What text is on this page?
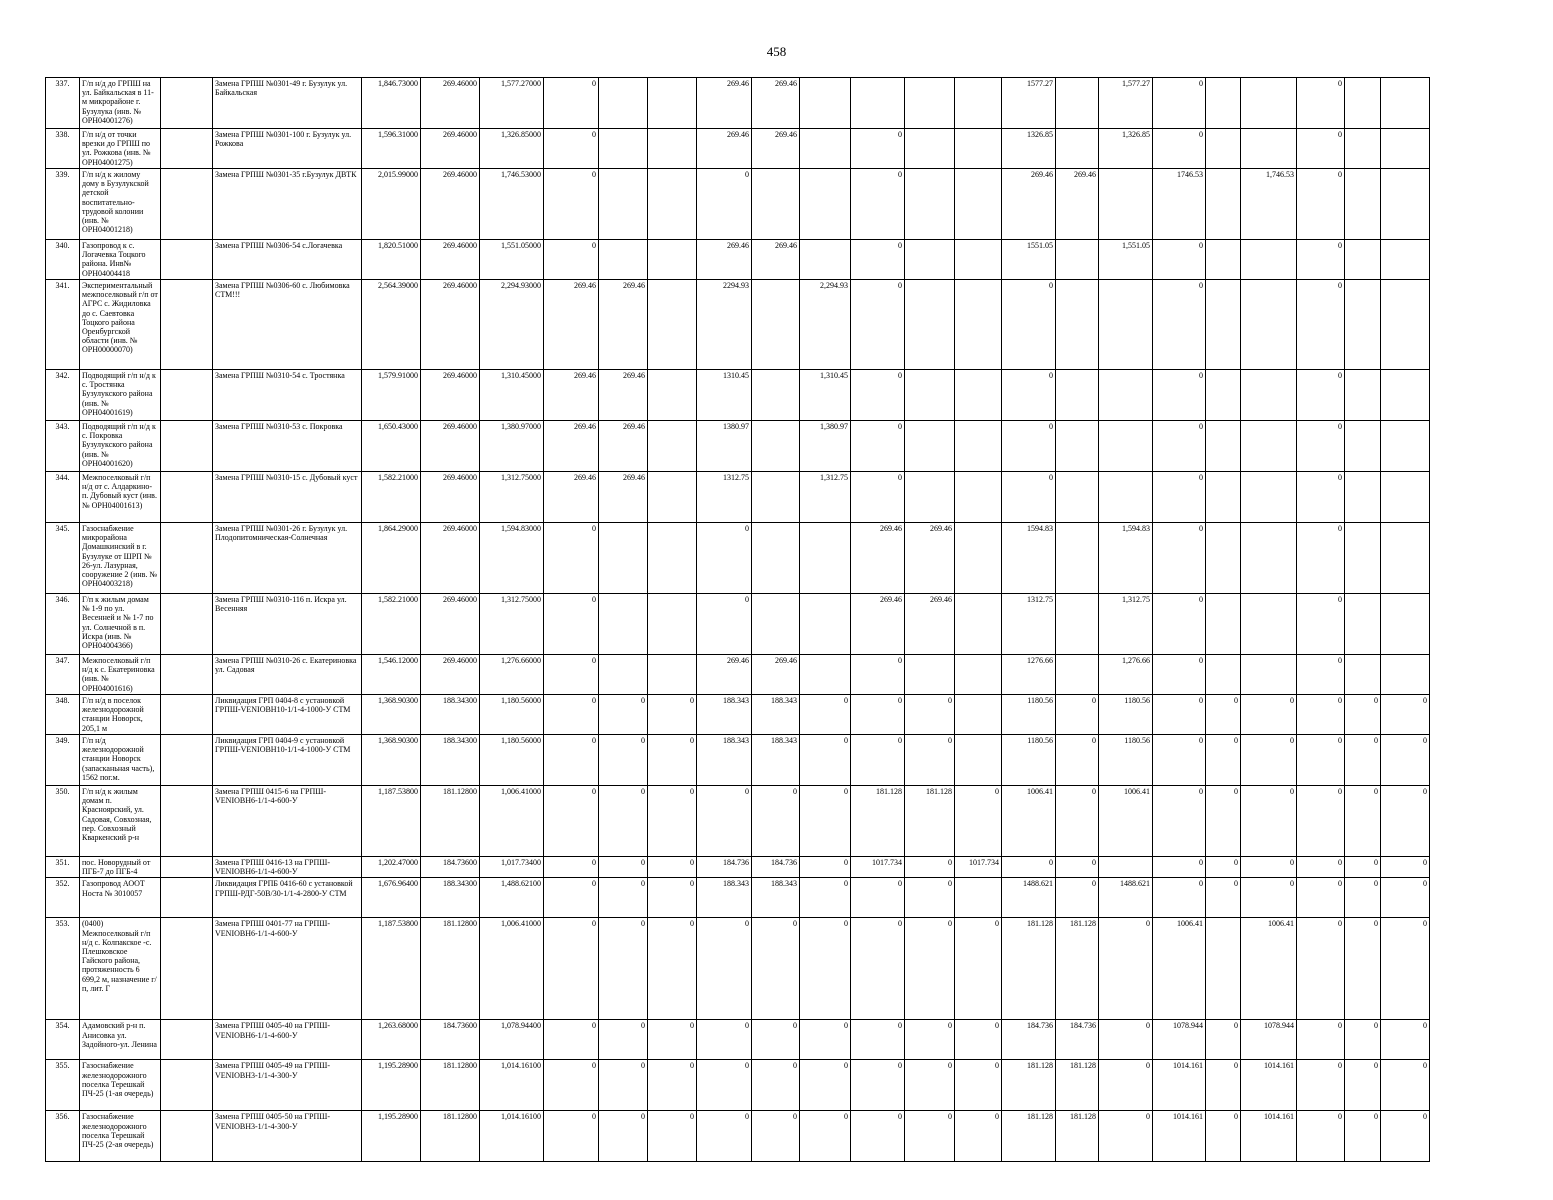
458
337.	Г/п н/д до ГРПШ на ул. Байкальская в 11-м микрорайоне г. Бузулука (инв. № ОРН04001276)		Замена ГРПШ №0301-49 г. Бузулук ул. Байкальская	1,846.73000	269.46000	1,577.27000	0			269.46	269.46					1577.27		1,577.27	0			0		
338.	Г/п н/д от точки врезки до ГРПШ по ул. Рожкова (инв. № ОРН04001275)		Замена ГРПШ №0301-100 г. Бузулук ул. Рожкова	1,596.31000	269.46000	1,326.85000	0			269.46	269.46		0			1326.85		1,326.85	0			0		
339.	Г/п н/д к жилому дому в Бузулукской детской воспитательно-трудовой колонии (инв. № ОРН04001218)		Замена ГРПШ №0301-35 г.Бузулук ДВТК	2,015.99000	269.46000	1,746.53000	0			0			0			269.46	269.46		1746.53		1,746.53	0		
340.	Газопровод к с. Логачевка Тоцкого района. Инв№ ОРН04004418		Замена ГРПШ №0306-54 с.Логачевка	1,820.51000	269.46000	1,551.05000	0			269.46	269.46		0			1551.05		1,551.05	0			0		
341.	Экспериментальный межпоселковый г/п от АГРС с. Жидиловка до с. Саевтовка Тоцкого района Оренбургской области (инв. № ОРН00000070)		Замена ГРПШ №0306-60 с. Любимовка СТМ!!!	2,564.39000	269.46000	2,294.93000	269.46	269.46		2294.93		2,294.93	0			0			0			0		
342.	Подводящий г/п н/д к с. Тростянка Бузулукского района (инв. № ОРН04001619)		Замена ГРПШ №0310-54 с. Тростянка	1,579.91000	269.46000	1,310.45000	269.46	269.46		1310.45		1,310.45	0			0			0			0		
343.	Подводящий г/п н/д к с. Покровка Бузулукского района (инв. № ОРН04001620)		Замена ГРПШ №0310-53 с. Покровка	1,650.43000	269.46000	1,380.97000	269.46	269.46		1380.97		1,380.97	0			0			0			0		
344.	Межпоселковый г/п н/д от с. Алдаркино-п. Дубовый куст (инв. № ОРН04001613)		Замена ГРПШ №0310-15 с. Дубовый куст	1,582.21000	269.46000	1,312.75000	269.46	269.46		1312.75		1,312.75	0			0			0			0		
345.	Газоснабжение микрорайона Домашкинский в г. Бузулуке от ШРП № 26-ул. Лазурная, сооружение 2 (инв. № ОРН04003218)		Замена ГРПШ №0301-26 г. Бузулук ул. Плодопитомническая-Солнечная	1,864.29000	269.46000	1,594.83000	0			0			269.46	269.46		1594.83		1,594.83	0			0		
346.	Г/п к жилым домам № 1-9 по ул. Весенней и № 1-7 по ул. Солнечной в п. Искра (инв. № ОРН04004366)		Замена ГРПШ №0310-116 п. Искра ул. Весенняя	1,582.21000	269.46000	1,312.75000	0			0			269.46	269.46		1312.75		1,312.75	0			0		
347.	Межпоселковый г/п н/д к с. Екатериновка (инв. № ОРН04001616)		Замена ГРПШ №0310-26 с. Екатериновка ул. Садовая	1,546.12000	269.46000	1,276.66000	0			269.46	269.46		0			1276.66		1,276.66	0			0		
348.	Г/п н/д в поселок железнодорожной станции Новорск, 205,1 м		Ликвидация ГРП 0404-8 с установкой ГРПШ-VENIOBH10-1/1-4-1000-У СТМ	1,368.90300	188.34300	1,180.56000	0	0	0	188.343	188.343	0	0	0		1180.56	0	1180.56	0	0	0	0	0	0
349.	Г/п н/д железнодорожной станции Новорск (запасканьная часть), 1562 пог.м.		Ликвидация ГРП 0404-9 с установкой ГРПШ-VENIOBH10-1/1-4-1000-У СТМ	1,368.90300	188.34300	1,180.56000	0	0	0	188.343	188.343	0	0	0		1180.56	0	1180.56	0	0	0	0	0	0
350.	Г/п н/д к жилым домам п. Красноярский, ул. Садовая, Совхозная, пер. Совхозный Кваркенский р-н		Замена ГРПШ 0415-6 на ГРПШ-VENIOBH6-1/1-4-600-У	1,187.53800	181.12800	1,006.41000	0	0	0	0	0	0	181.128	181.128	0	1006.41	0	1006.41	0	0	0	0	0	0
351.	пос. Новорудный от ПГБ-7 до ПГБ-4		Замена ГРПШ 0416-13 на ГРПШ-VENIOBH6-1/1-4-600-У	1,202.47000	184.73600	1,017.73400	0	0	0	184.736	184.736	0	1017.734	0	1017.734	0	0		0	0	0	0	0	0
352.	Газопровод АООТ Носта № 3010057		Ликвидация ГРПБ 0416-60 с установкой ГРПШ-РДГ-50В/30-1/1-4-2800-У СТМ	1,676.96400	188.34300	1,488.62100	0	0	0	188.343	188.343	0	0	0		1488.621	0	1488.621	0	0	0	0	0	0
353.	(0400) Межпоселковый г/п н/д с. Колпакское -с. Плешковское Гайского района, протяженность 6 699,2 м, назначение г/п, лит. Г		Замена ГРПШ 0401-77 на ГРПШ-VENIOBH6-1/1-4-600-У	1,187.53800	181.12800	1,006.41000	0	0	0	0	0	0	0	0	0	181.128	181.128	0	1006.41		1006.41	0	0	0
354.	Адамовский р-н п. Анисовка ул. Задойного-ул. Ленина		Замена ГРПШ 0405-40 на ГРПШ-VENIOBH6-1/1-4-600-У	1,263.68000	184.73600	1,078.94400	0	0	0	0	0	0	0	0	0	184.736	184.736	0	1078.944	0	1078.944	0	0	0
355.	Газоснабжение железнодорожного поселка Терешкай ПЧ-25 (1-ая очередь)		Замена ГРПШ 0405-49 на ГРПШ-VENIOBH3-1/1-4-300-У	1,195.28900	181.12800	1,014.16100	0	0	0	0	0	0	0	0	0	181.128	181.128	0	1014.161	0	1014.161	0	0	0
356.	Газоснабжение железнодорожного поселка Терешкай ПЧ-25 (2-ая очередь)		Замена ГРПШ 0405-50 на ГРПШ-VENIOBH3-1/1-4-300-У	1,195.28900	181.12800	1,014.16100	0	0	0	0	0	0	0	0	0	181.128	181.128	0	1014.161	0	1014.161	0	0	0
